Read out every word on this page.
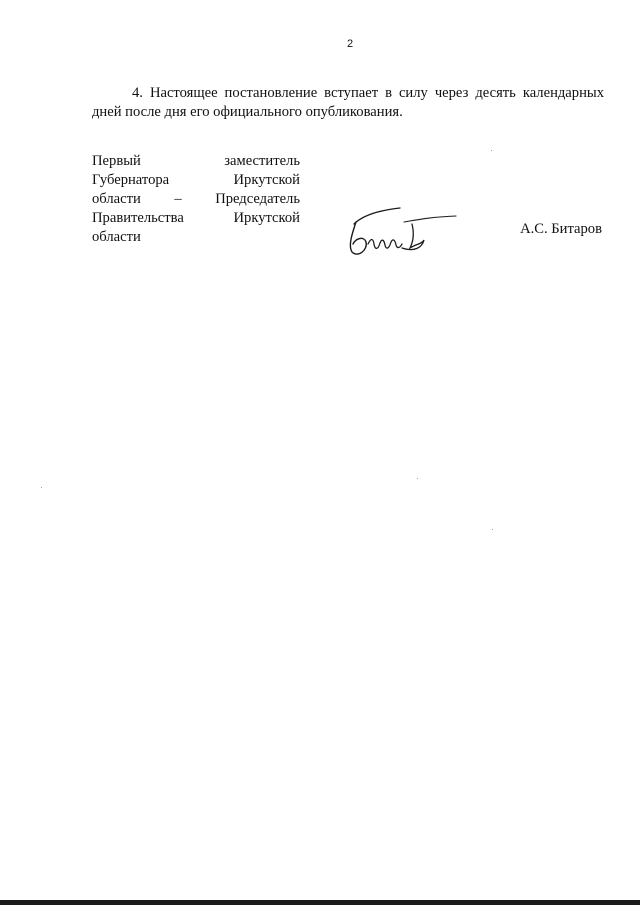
2

4. Настоящее постановление вступает в силу через десять календарных дней после дня его официального опубликования.

Первый	заместитель
Губернатора	Иркутской
области – Председатель
Правительства	Иркутской
области	А.С. Битаров
